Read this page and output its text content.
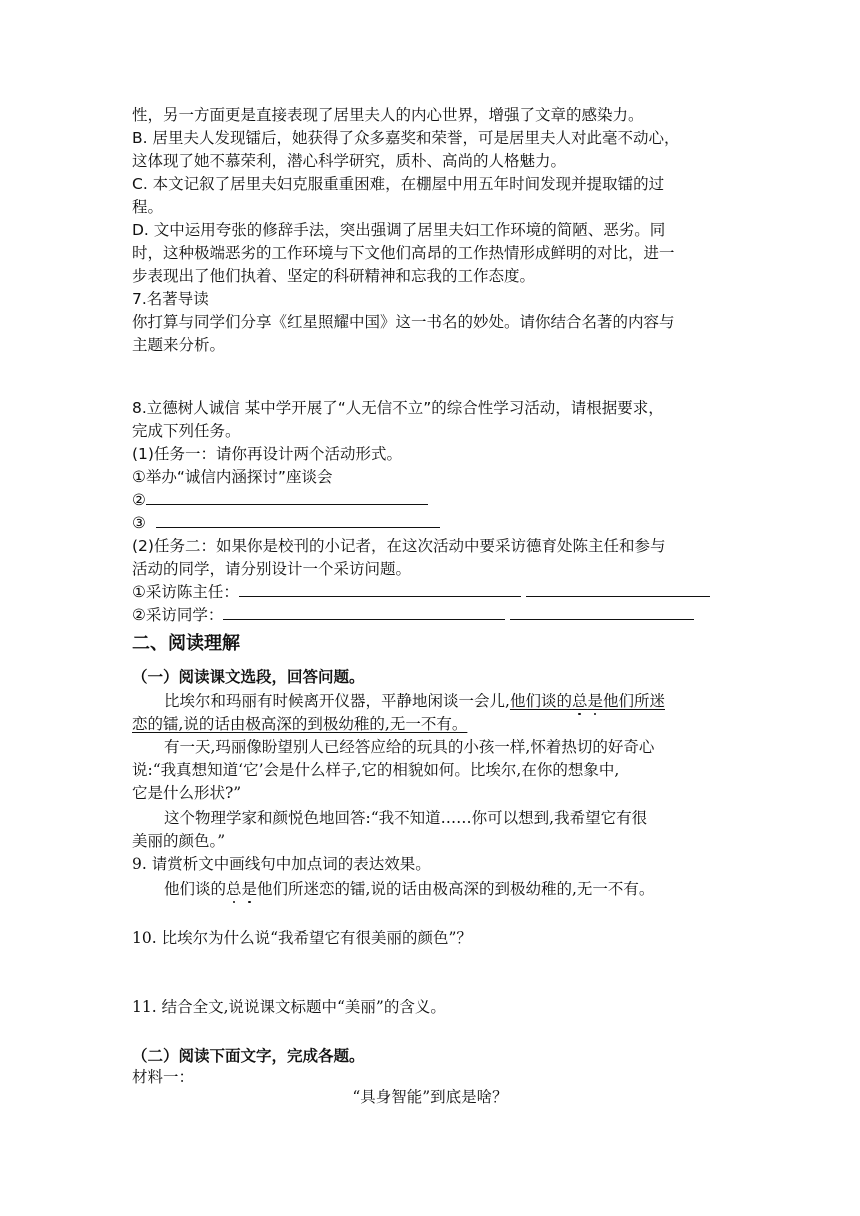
性，另一方面更是直接表现了居里夫人的内心世界，增强了文章的感染力。
B. 居里夫人发现镭后，她获得了众多嘉奖和荣誉，可是居里夫人对此毫不动心，
这体现了她不慕荣利，潜心科学研究，质朴、高尚的人格魅力。
C. 本文记叙了居里夫妇克服重重困难，在棚屋中用五年时间发现并提取镭的过
程。
D. 文中运用夸张的修辞手法，突出强调了居里夫妇工作环境的简陋、恶劣。同
时，这种极端恶劣的工作环境与下文他们高昂的工作热情形成鲜明的对比，进一
步表现出了他们执着、坚定的科研精神和忘我的工作态度。
7.名著导读
你打算与同学们分享《红星照耀中国》这一书名的妙处。请你结合名著的内容与
主题来分析。
8.立德树人诚信 某中学开展了“人无信不立”的综合性学习活动，请根据要求，
完成下列任务。
(1)任务一：请你再设计两个活动形式。
①举办“诚信内涵探讨”座谈会
②
③
(2)任务二：如果你是校刊的小记者，在这次活动中要采访德育处陈主任和参与
活动的同学，请分别设计一个采访问题。
①采访陈主任：
②采访同学：
二、阅读理解
（一）阅读课文选段，回答问题。
比埃尔和玛丽有时候离开仪器，平静地闲谈一会儿,他们谈的总是他们所迷
恋的镭,说的话由极高深的到极幼稚的,无一不有。
有一天,玛丽像盼望别人已经答应给的玩具的小孩一样,怀着热切的好奇心
说:“我真想知道‘它’会是什么样子,它的相貌如何。比埃尔,在你的想象中,
它是什么形状?”
这个物理学家和颜悦色地回答:“我不知道……你可以想到,我希望它有很
美丽的颜色。”
9. 请赏析文中画线句中加点词的表达效果。
他们谈的总是他们所迷恋的镭,说的话由极高深的到极幼稚的,无一不有。
10. 比埃尔为什么说“我希望它有很美丽的颜色”？
11. 结合全文,说说课文标题中“美丽”的含义。
（二）阅读下面文字，完成各题。
材料一：
“具身智能”到底是啥？
